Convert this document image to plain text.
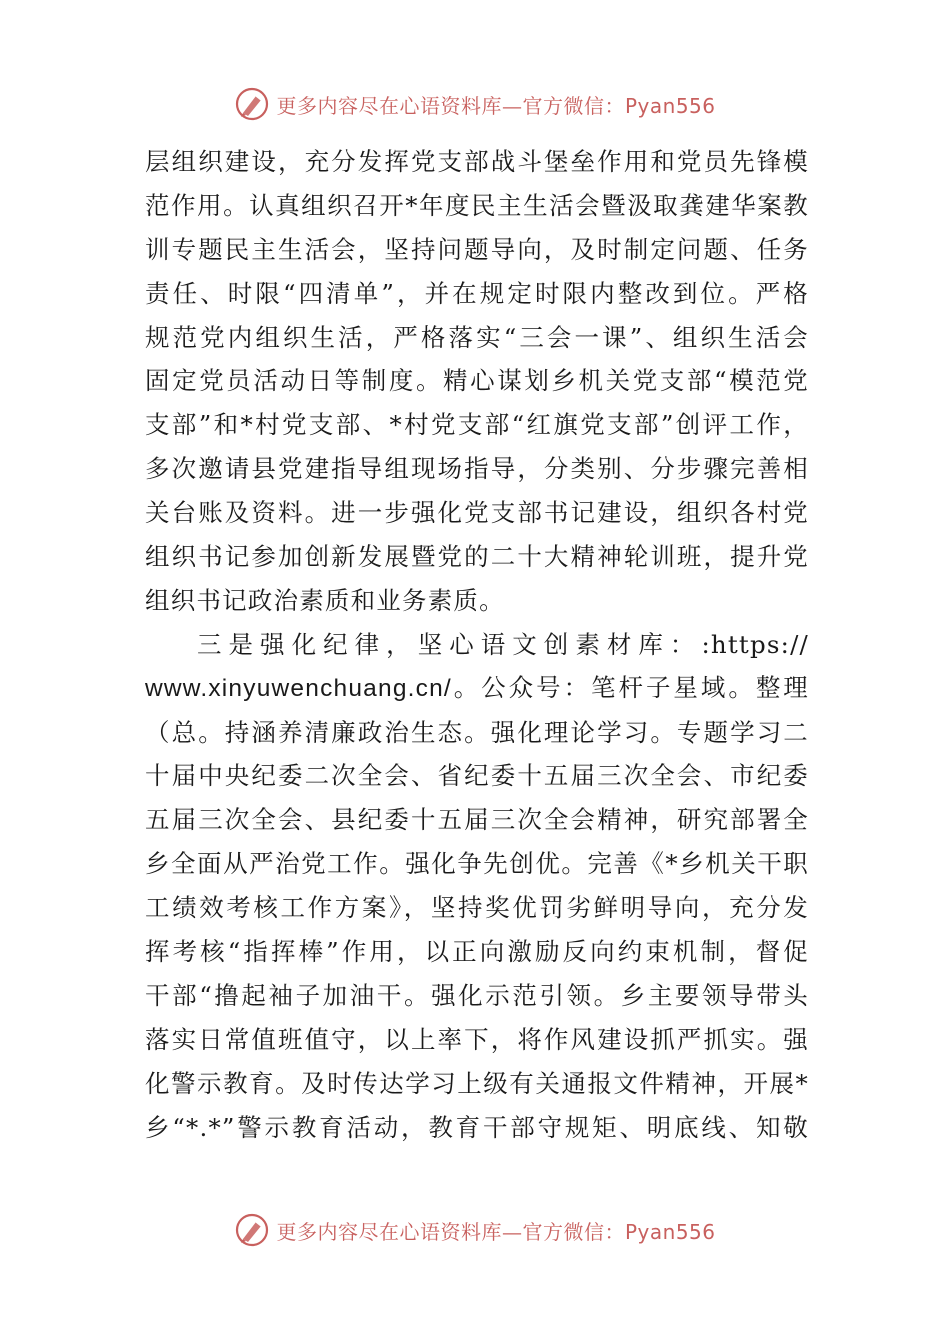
更多内容尽在心语资料库—官方微信：Pyan556
层组织建设，充分发挥党支部战斗堡垒作用和党员先锋模
范作用。认真组织召开*年度民主生活会暨汲取龚建华案教
训专题民主生活会，坚持问题导向，及时制定问题、任务
责任、时限“四清单”，并在规定时限内整改到位。严格
规范党内组织生活，严格落实“三会一课”、组织生活会
固定党员活动日等制度。精心谋划乡机关党支部“模范党
支部”和*村党支部、*村党支部“红旗党支部”创评工作，
多次邀请县党建指导组现场指导，分类别、分步骤完善相
关台账及资料。进一步强化党支部书记建设，组织各村党
组织书记参加创新发展暨党的二十大精神轮训班，提升党
组织书记政治素质和业务素质。
三是强化纪律，坚心语文创素材库：:https://
www.xinyuwenchuang.cn/。公众号：笔杆子星域。整理
（总。持涵养清廉政治生态。强化理论学习。专题学习二
十届中央纪委二次全会、省纪委十五届三次全会、市纪委
五届三次全会、县纪委十五届三次全会精神，研究部署全
乡全面从严治党工作。强化争先创优。完善《*乡机关干职
工绩效考核工作方案》，坚持奖优罚劣鲜明导向，充分发
挥考核“指挥棒”作用，以正向激励反向约束机制，督促
干部“撸起袖子加油干。强化示范引领。乡主要领导带头
落实日常值班值守，以上率下，将作风建设抓严抓实。强
化警示教育。及时传达学习上级有关通报文件精神，开展*
乡“*.*”警示教育活动，教育干部守规矩、明底线、知敬
更多内容尽在心语资料库—官方微信：Pyan556
